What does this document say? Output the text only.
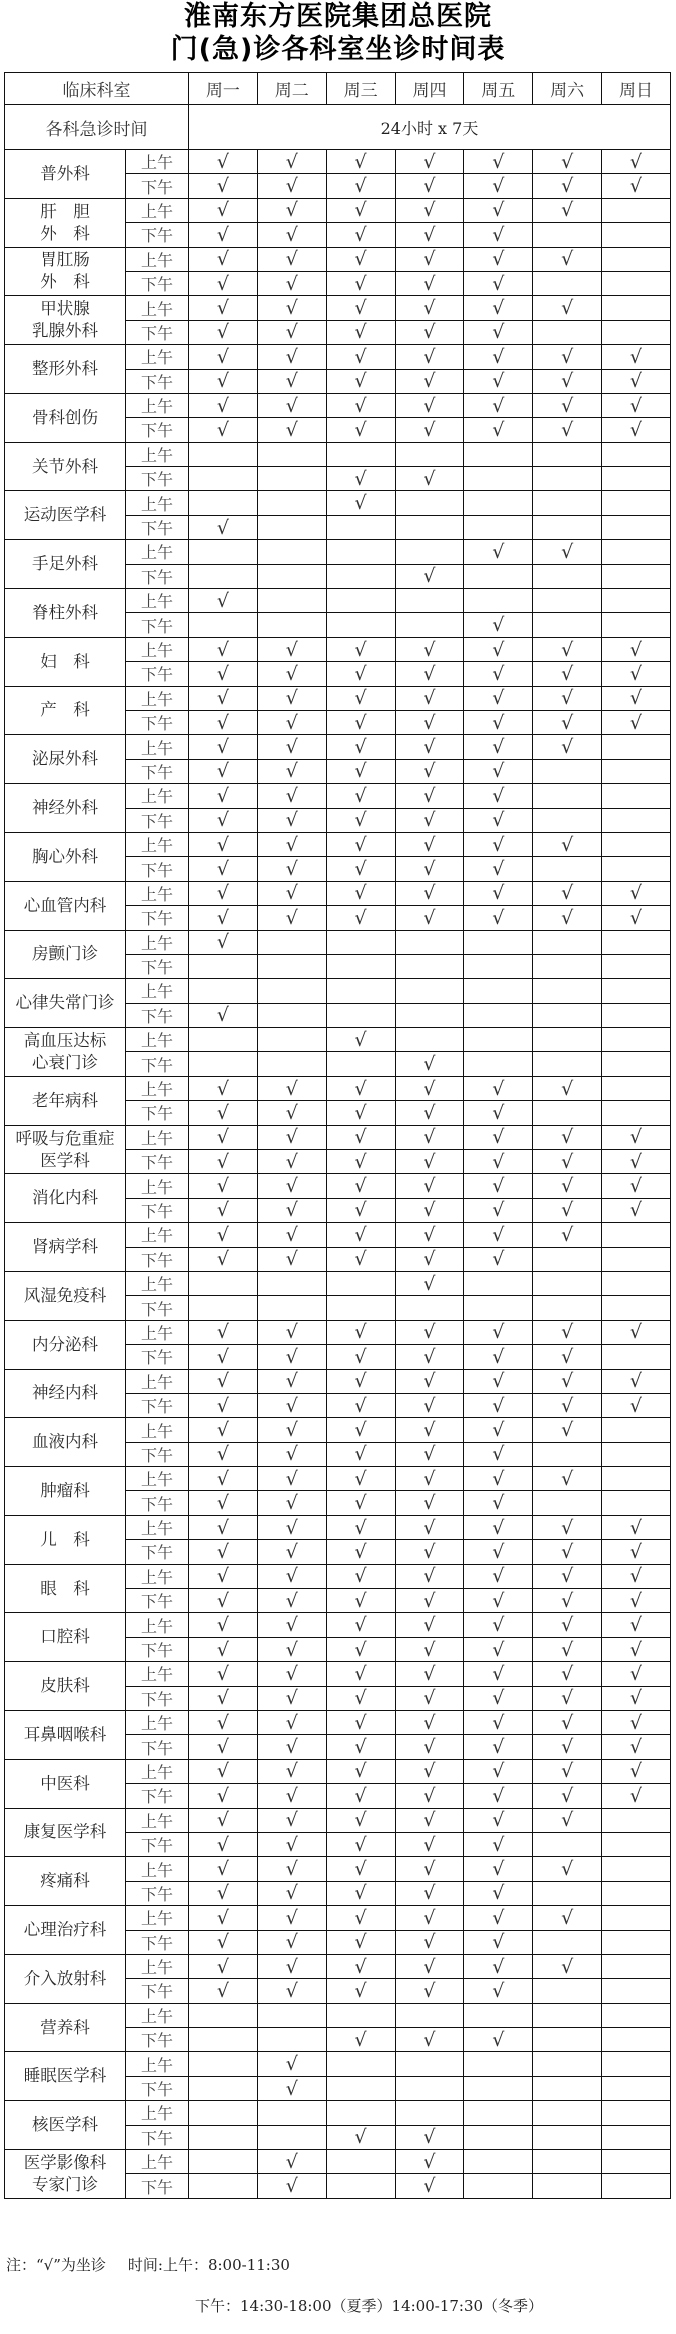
淮南东方医院集团总医院
门(急)诊各科室坐诊时间表
临床科室		周一	周二	周三	周四	周五	周六	周日
各科急诊时间		24小时 x 7天						

普外科	上午	√	√	√	√	√	√	√
	下午	√	√	√	√	√	√	√

肝　胆
外　科	上午	√	√	√	√	√	√	
	下午	√	√	√	√	√		

胃肛肠
外　科	上午	√	√	√	√	√	√	
	下午	√	√	√	√	√		

甲状腺
乳腺外科	上午	√	√	√	√	√	√	
	下午	√	√	√	√	√		

整形外科	上午	√	√	√	√	√	√	√
	下午	√	√	√	√	√	√	√

骨科创伤	上午	√	√	√	√	√	√	√
	下午	√	√	√	√	√	√	√

关节外科	上午							
	下午			√	√			

运动医学科	上午			√				
	下午	√						

手足外科	上午					√	√	
	下午				√			

脊柱外科	上午	√						
	下午					√		

妇　科	上午	√	√	√	√	√	√	√
	下午	√	√	√	√	√	√	√

产　科	上午	√	√	√	√	√	√	√
	下午	√	√	√	√	√	√	√

泌尿外科	上午	√	√	√	√	√	√	
	下午	√	√	√	√	√		

神经外科	上午	√	√	√	√	√		
	下午	√	√	√	√	√		

胸心外科	上午	√	√	√	√	√	√	
	下午	√	√	√	√	√		

心血管内科	上午	√	√	√	√	√	√	√
	下午	√	√	√	√	√	√	√

房颤门诊	上午	√						
	下午							

心律失常门诊	上午							
	下午	√						

高血压达标
心衰门诊	上午			√				
	下午				√			

老年病科	上午	√	√	√	√	√	√	
	下午	√	√	√	√	√		

呼吸与危重症
医学科	上午	√	√	√	√	√	√	√
	下午	√	√	√	√	√	√	√

消化内科	上午	√	√	√	√	√	√	√
	下午	√	√	√	√	√	√	√

肾病学科	上午	√	√	√	√	√	√	
	下午	√	√	√	√	√		

风湿免疫科	上午				√			
	下午							

内分泌科	上午	√	√	√	√	√	√	√
	下午	√	√	√	√	√	√	

神经内科	上午	√	√	√	√	√	√	√
	下午	√	√	√	√	√	√	√

血液内科	上午	√	√	√	√	√	√	
	下午	√	√	√	√	√		

肿瘤科	上午	√	√	√	√	√	√	
	下午	√	√	√	√	√		

儿　科	上午	√	√	√	√	√	√	√
	下午	√	√	√	√	√	√	√

眼　科	上午	√	√	√	√	√	√	√
	下午	√	√	√	√	√	√	√

口腔科	上午	√	√	√	√	√	√	√
	下午	√	√	√	√	√	√	√

皮肤科	上午	√	√	√	√	√	√	√
	下午	√	√	√	√	√	√	√

耳鼻咽喉科	上午	√	√	√	√	√	√	√
	下午	√	√	√	√	√	√	√

中医科	上午	√	√	√	√	√	√	√
	下午	√	√	√	√	√	√	√

康复医学科	上午	√	√	√	√	√	√	
	下午	√	√	√	√	√		

疼痛科	上午	√	√	√	√	√	√	
	下午	√	√	√	√	√		

心理治疗科	上午	√	√	√	√	√	√	
	下午	√	√	√	√	√		

介入放射科	上午	√	√	√	√	√	√	
	下午	√	√	√	√	√		

营养科	上午							
	下午			√	√	√		

睡眠医学科	上午		√					
	下午		√					

核医学科	上午							
	下午			√	√			

医学影像科
专家门诊	上午		√		√			
	下午		√		√			
注：“√”为坐诊 时间:上午：8:00-11:30
下午：14:30-18:00（夏季）14:00-17:30（冬季）
